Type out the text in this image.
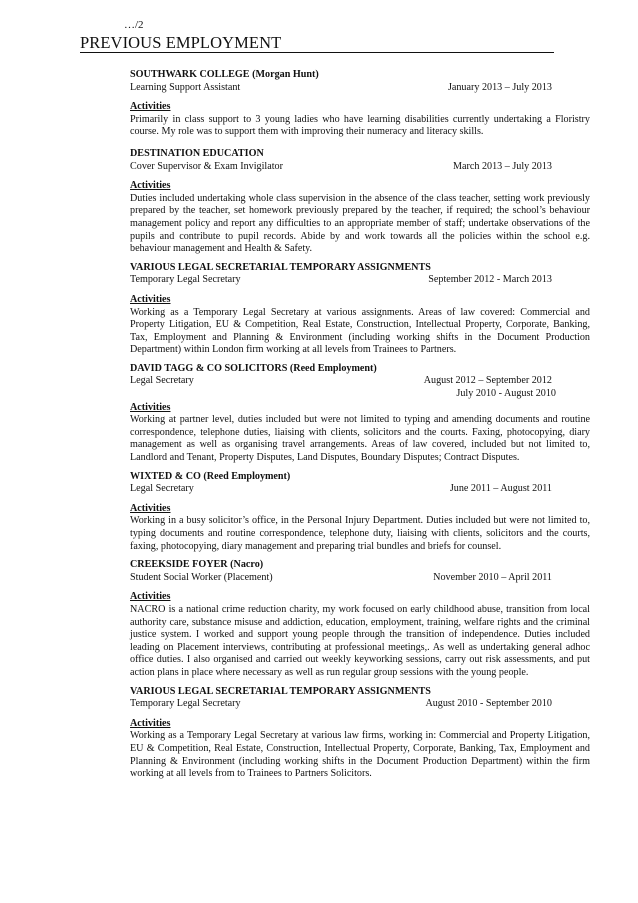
…/2
PREVIOUS EMPLOYMENT
SOUTHWARK COLLEGE (Morgan Hunt)
Learning Support Assistant	January 2013 – July 2013
Activities
Primarily in class support to 3 young ladies who have learning disabilities currently undertaking a Floristry course. My role was to support them with improving their numeracy and literacy skills.
DESTINATION EDUCATION
Cover Supervisor & Exam Invigilator	March 2013 – July 2013
Activities
Duties included undertaking whole class supervision in the absence of the class teacher, setting work previously prepared by the teacher, set homework previously prepared by the teacher, if required; the school’s behaviour management policy and report any difficulties to an appropriate member of staff; undertake observations of the pupils and contribute to pupil records. Abide by and work towards all the policies within the school e.g. behaviour management and Health & Safety.
VARIOUS LEGAL SECRETARIAL TEMPORARY ASSIGNMENTS
Temporary Legal Secretary	September 2012 - March 2013
Activities
Working as a Temporary Legal Secretary at various assignments. Areas of law covered: Commercial and Property Litigation, EU & Competition, Real Estate, Construction, Intellectual Property, Corporate, Banking, Tax, Employment and Planning & Environment (including working shifts in the Document Production Department) within London firm working at all levels from Trainees to Partners.
DAVID TAGG & CO SOLICITORS (Reed Employment)
Legal Secretary	August 2012 – September 2012
July 2010 - August 2010
Activities
Working at partner level, duties included but were not limited to typing and amending documents and routine correspondence, telephone duties, liaising with clients, solicitors and the courts. Faxing, photocopying, diary management as well as organising travel arrangements. Areas of law covered, included but not limited to, Landlord and Tenant, Property Disputes, Land Disputes, Boundary Disputes; Contract Disputes.
WIXTED & CO (Reed Employment)
Legal Secretary	June 2011 – August 2011
Activities
Working in a busy solicitor’s office, in the Personal Injury Department. Duties included but were not limited to, typing documents and routine correspondence, telephone duty, liaising with clients, solicitors and the courts, faxing, photocopying, diary management and preparing trial bundles and briefs for counsel.
CREEKSIDE FOYER (Nacro)
Student Social Worker (Placement)	November 2010 – April 2011
Activities
NACRO is a national crime reduction charity, my work focused on early childhood abuse, transition from local authority care, substance misuse and addiction, education, employment, training, welfare rights and the criminal justice system. I worked and support young people through the transition of independence. Duties included leading on Placement interviews, contributing at professional meetings,. As well as undertaking general adhoc office duties. I also organised and carried out weekly keyworking sessions, carry out risk assessments, and put action plans in place where necessary as well as run regular group sessions with the young people.
VARIOUS LEGAL SECRETARIAL TEMPORARY ASSIGNMENTS
Temporary Legal Secretary	August 2010 - September 2010
Activities
Working as a Temporary Legal Secretary at various law firms, working in: Commercial and Property Litigation, EU & Competition, Real Estate, Construction, Intellectual Property, Corporate, Banking, Tax, Employment and Planning & Environment (including working shifts in the Document Production Department) within the firm working at all levels from to Trainees to Partners Solicitors.
